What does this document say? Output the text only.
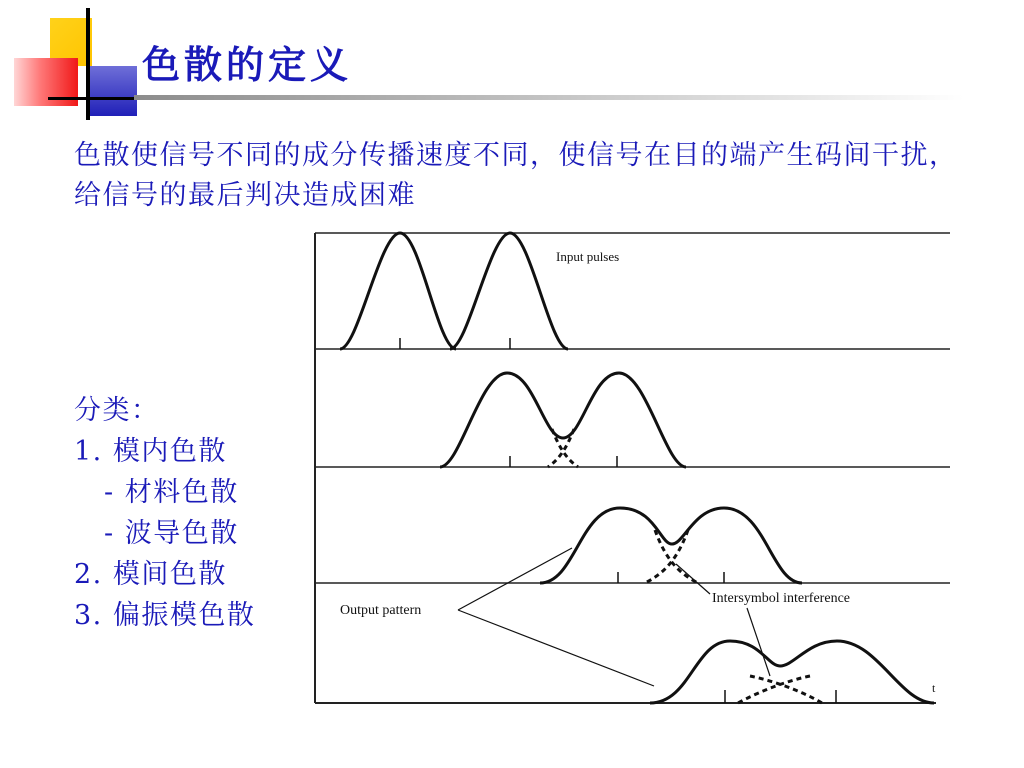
色散的定义

色散使信号不同的成分传播速度不同，使信号在目的端产生码间干扰，给信号的最后判决造成困难

分类：
1. 模内色散
- 材料色散
- 波导色散
2. 模间色散
3. 偏振模色散
Input pulses
Output pattern
Intersymbol interference
t
